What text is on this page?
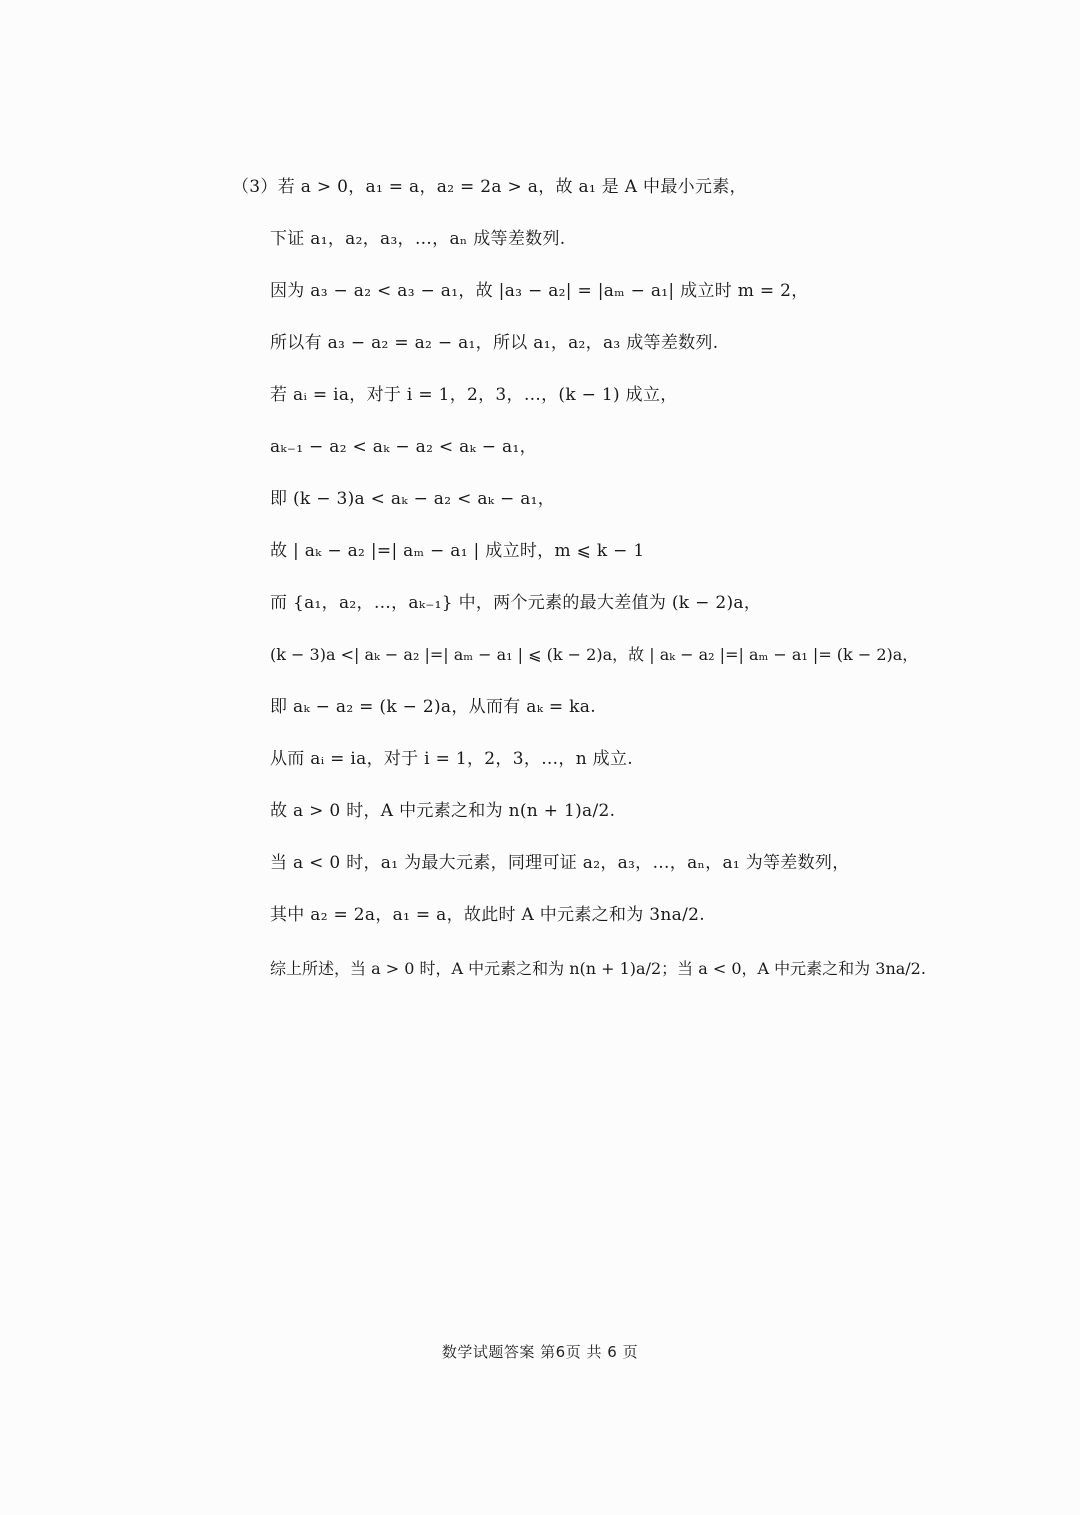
（3）若 a > 0，a₁ = a，a₂ = 2a > a，故 a₁ 是 A 中最小元素，
下证 a₁，a₂，a₃，…，aₙ 成等差数列.
因为 a₃ − a₂ < a₃ − a₁，故 |a₃ − a₂| = |aₘ − a₁| 成立时 m = 2，
所以有 a₃ − a₂ = a₂ − a₁，所以 a₁，a₂，a₃ 成等差数列.
若 aᵢ = ia，对于 i = 1，2，3，…，(k − 1) 成立，
aₖ₋₁ − a₂ < aₖ − a₂ < aₖ − a₁，
即 (k − 3)a < aₖ − a₂ < aₖ − a₁，
故 | aₖ − a₂ |=| aₘ − a₁ | 成立时，m ⩽ k − 1
而 {a₁，a₂，…，aₖ₋₁} 中，两个元素的最大差值为 (k − 2)a，
(k − 3)a <| aₖ − a₂ |=| aₘ − a₁ | ⩽ (k − 2)a，故 | aₖ − a₂ |=| aₘ − a₁ |= (k − 2)a，
即 aₖ − a₂ = (k − 2)a，从而有 aₖ = ka.
从而 aᵢ = ia，对于 i = 1，2，3，…，n 成立.
故 a > 0 时，A 中元素之和为 n(n + 1)a/2.
当 a < 0 时，a₁ 为最大元素，同理可证 a₂，a₃，…，aₙ，a₁ 为等差数列，
其中 a₂ = 2a，a₁ = a，故此时 A 中元素之和为 3na/2.
综上所述，当 a > 0 时，A 中元素之和为 n(n + 1)a/2；当 a < 0，A 中元素之和为 3na/2.
数学试题答案 第6页 共 6 页
